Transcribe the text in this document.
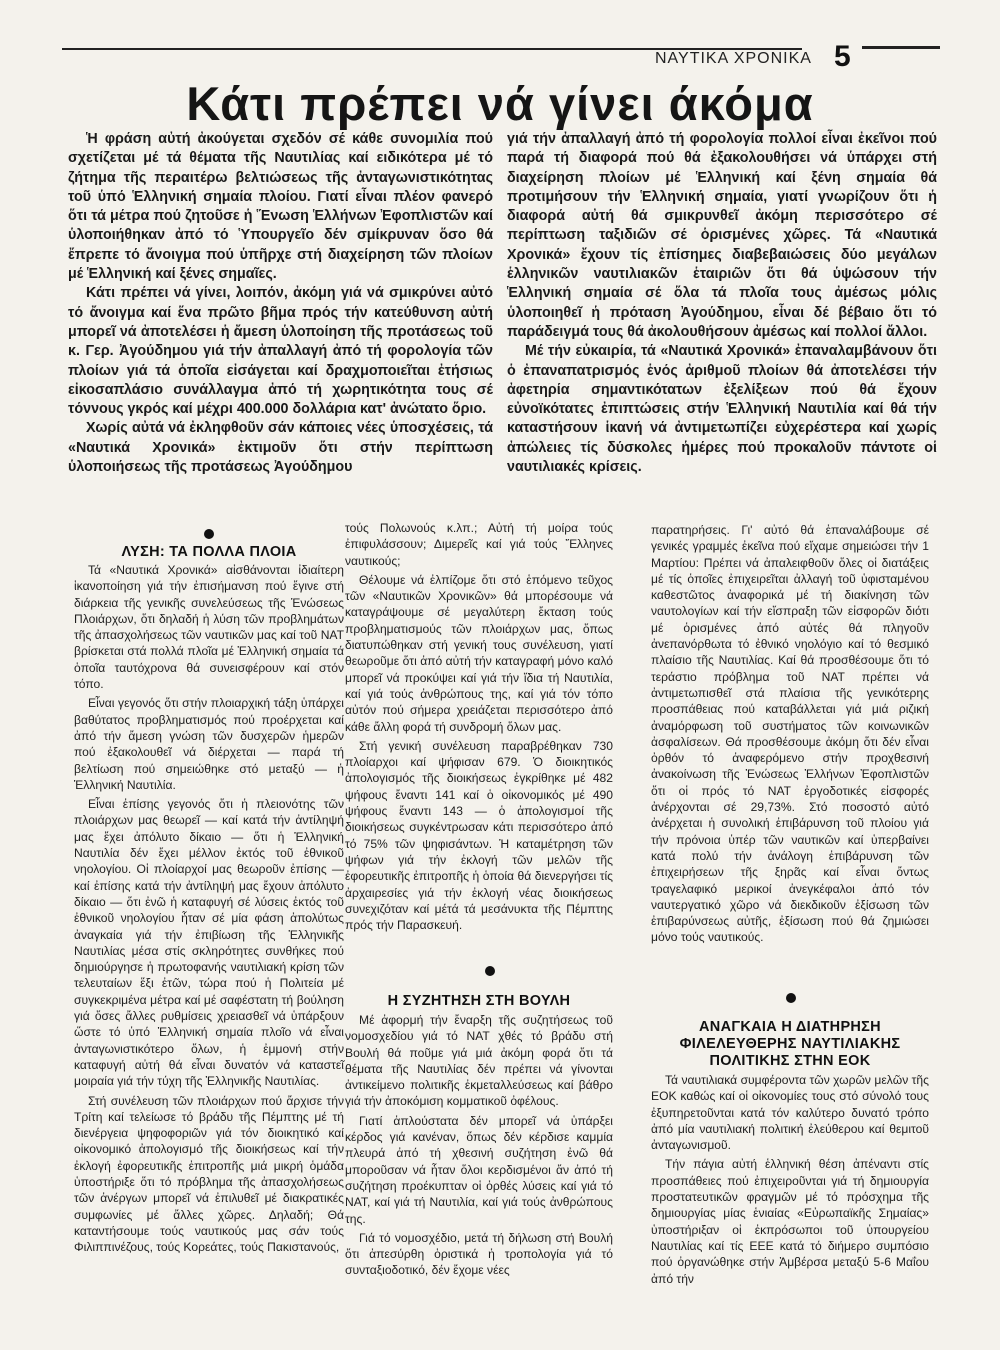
ΝΑΥΤΙΚΑ ΧΡΟΝΙΚΑ 5
Κάτι πρέπει νά γίνει άκόμα

Ἡ φράση αὐτή ἀκούγεται σχεδόν σέ κάθε συνομιλία πού σχετίζεται μέ τά θέματα τῆς Ναυτιλίας καί ειδικότερα μέ τό ζήτημα τῆς περαιτέρω βελτιώσεως τῆς ἀνταγωνιστικότητας τοῦ ὑπό Ἑλληνική σημαία πλοίου. Γιατί εἶναι πλέον φανερό ὅτι τά μέτρα πού ζητοῦσε ἡ Ἕνωση Ἑλλήνων Ἐφοπλιστῶν καί ὑλοποιήθηκαν ἀπό τό Ὑπουργεῖο δέν σμίκρυναν ὅσο θά ἔπρεπε τό ἄνοιγμα πού ὑπῆρχε στή διαχείρηση τῶν πλοίων μέ Ἑλληνική καί ξένες σημαῖες.

Κάτι πρέπει νά γίνει, λοιπόν, ἀκόμη γιά νά σμικρύνει αὐτό τό ἄνοιγμα καί ἕνα πρῶτο βῆμα πρός τήν κατεύθυνση αὐτή μπορεῖ νά ἀποτελέσει ἡ ἄμεση ὑλοποίηση τῆς προτάσεως τοῦ κ. Γερ. Ἀγούδημου γιά τήν ἀπαλλαγή ἀπό τή φορολογία τῶν πλοίων γιά τά ὁποῖα εἰσάγεται καί δραχμοποιεῖται ἐτήσιως εἰκοσαπλάσιο συνάλλαγμα ἀπό τή χωρητικότητα τους σέ τόννους γκρός καί μέχρι 400.000 δολλάρια κατ' ἀνώτατο ὅριο.

Χωρίς αὐτά νά ἐκληφθοῦν σάν κάποιες νέες ὑποσχέσεις, τά «Ναυτικά Χρονικά» ἐκτιμοῦν ὅτι στήν περίπτωση ὑλοποιήσεως τῆς προτάσεως Ἀγούδημου

γιά τήν ἀπαλλαγή ἀπό τή φορολογία πολλοί εἶναι ἐκεῖνοι πού παρά τή διαφορά πού θά ἐξακολουθήσει νά ὑπάρχει στή διαχείρηση πλοίων μέ Ἑλληνική καί ξένη σημαία θά προτιμήσουν τήν Ἑλληνική σημαία, γιατί γνωρίζουν ὅτι ἡ διαφορά αὐτή θά σμικρυνθεῖ ἀκόμη περισσότερο σέ περίπτωση ταξιδιῶν σέ ὁρισμένες χῶρες. Τά «Ναυτικά Χρονικά» ἔχουν τίς ἐπίσημες διαβεβαιώσεις δύο μεγάλων ἑλληνικῶν ναυτιλιακῶν ἑταιριῶν ὅτι θά ὑψώσουν τήν Ἑλληνική σημαία σέ ὅλα τά πλοῖα τους ἀμέσως μόλις ὑλοποιηθεῖ ἡ πρόταση Ἀγούδημου, εἶναι δέ βέβαιο ὅτι τό παράδειγμά τους θά ἀκολουθήσουν ἀμέσως καί πολλοί ἄλλοι.

Μέ τήν εὐκαιρία, τά «Ναυτικά Χρονικά» ἐπαναλαμβάνουν ὅτι ὁ ἐπαναπατρισμός ἑνός ἀριθμοῦ πλοίων θά ἀποτελέσει τήν ἀφετηρία σημαντικότατων ἐξελίξεων πού θά ἔχουν εὐνοϊκότατες ἐπιπτώσεις στήν Ἑλληνική Ναυτιλία καί θά τήν καταστήσουν ἱκανή νά ἀντιμετωπίζει εὐχερέστερα καί χωρίς ἀπώλειες τίς δύσκολες ἡμέρες πού προκαλοῦν πάντοτε οἱ ναυτιλιακές κρίσεις.

ΛΥΣΗ: ΤΑ ΠΟΛΛΑ ΠΛΟΙΑ

Τά «Ναυτικά Χρονικά» αἰσθάνονται ἰδιαίτερη ἱκανοποίηση γιά τήν ἐπισήμανση πού ἔγινε στή διάρκεια τῆς γενικῆς συνελεύσεως τῆς Ἑνώσεως Πλοιάρχων, ὅτι δηλαδή ἡ λύση τῶν προβλημάτων τῆς ἀπασχολήσεως τῶν ναυτικῶν μας καί τοῦ ΝΑΤ βρίσκεται στά πολλά πλοῖα μέ Ἑλληνική σημαία τά ὁποῖα ταυτόχρονα θά συνεισφέρουν καί στόν τόπο.

Εἶναι γεγονός ὅτι στήν πλοιαρχική τάξη ὑπάρχει βαθύτατος προβληματισμός πού προέρχεται καί ἀπό τήν ἄμεση γνώση τῶν δυσχερῶν ἡμερῶν πού ἐξακολουθεῖ νά διέρχεται — παρά τή βελτίωση πού σημειώθηκε στό μεταξύ — ἡ Ἑλληνική Ναυτιλία.

Εἶναι ἐπίσης γεγονός ὅτι ἡ πλειονότης τῶν πλοιάρχων μας θεωρεῖ — καί κατά τήν ἀντίληψή μας ἔχει ἀπόλυτο δίκαιο — ὅτι ἡ Ἑλληνική Ναυτιλία δέν ἔχει μέλλον ἐκτός τοῦ ἐθνικοῦ νηολογίου. Οἱ πλοίαρχοί μας θεωροῦν ἐπίσης — καί ἐπίσης κατά τήν ἀντίληψή μας ἔχουν ἀπόλυτο δίκαιο — ὅτι ἐνῶ ἡ καταφυγή σέ λύσεις ἐκτός τοῦ ἐθνικοῦ νηολογίου ἦταν σέ μία φάση ἀπολύτως ἀναγκαία γιά τήν ἐπιβίωση τῆς Ἑλληνικῆς Ναυτιλίας μέσα στίς σκληρότητες συνθήκες πού δημιούργησε ἡ πρωτοφανής ναυτιλιακή κρίση τῶν τελευταίων ἕξι ἐτῶν, τώρα πού ἡ Πολιτεία μέ συγκεκριμένα μέτρα καί μέ σαφέστατη τή βούληση γιά ὅσες ἄλλες ρυθμίσεις χρειασθεῖ νά ὑπάρξουν ὥστε τό ὑπό Ἑλληνική σημαία πλοῖο νά εἶναι ἀνταγωνιστικότερο ὅλων, ἡ ἐμμονή στήν καταφυγή αὐτή θά εἶναι δυνατόν νά καταστεῖ μοιραία γιά τήν τύχη τῆς Ἑλληνικῆς Ναυτιλίας.

Στή συνέλευση τῶν πλοιάρχων πού ἄρχισε τήν Τρίτη καί τελείωσε τό βράδυ τῆς Πέμπτης μέ τή διενέργεια ψηφοφοριῶν γιά τόν διοικητικό καί οἰκονομικό ἀπολογισμό τῆς διοικήσεως καί τήν ἐκλογή ἐφορευτικῆς ἐπιτροπῆς μιά μικρή ὁμάδα ὑποστήριξε ὅτι τό πρόβλημα τῆς ἀπασχολήσεως τῶν ἀνέργων μπορεῖ νά ἐπιλυθεῖ μέ διακρατικές συμφωνίες μέ ἄλλες χῶρες. Δηλαδή; Θά καταντήσουμε τούς ναυτικούς μας σάν τούς Φιλιππινέζους, τούς Κορεάτες, τούς Πακιστανούς,

τούς Πολωνούς κ.λπ.; Αὐτή τή μοίρα τούς ἐπιφυλάσσουν; Διμερεῖς καί γιά τούς Ἕλληνες ναυτικούς;

Θέλουμε νά ἐλπίζομε ὅτι στό ἑπόμενο τεῦχος τῶν «Ναυτικῶν Χρονικῶν» θά μπορέσουμε νά καταγράψουμε σέ μεγαλύτερη ἔκταση τούς προβληματισμούς τῶν πλοιάρχων μας, ὅπως διατυπώθηκαν στή γενική τους συνέλευση, γιατί θεωροῦμε ὅτι ἀπό αὐτή τήν καταγραφή μόνο καλό μπορεῖ νά προκύψει καί γιά τήν ἴδια τή Ναυτιλία, καί γιά τούς ἀνθρώπους της, καί γιά τόν τόπο αὐτόν πού σήμερα χρειάζεται περισσότερο ἀπό κάθε ἄλλη φορά τή συνδρομή ὅλων μας.

Στή γενική συνέλευση παραβρέθηκαν 730 πλοίαρχοι καί ψήφισαν 679. Ὁ διοικητικός ἀπολογισμός τῆς διοικήσεως ἐγκρίθηκε μέ 482 ψήφους ἔναντι 141 καί ὁ οἰκονομικός μέ 490 ψήφους ἔναντι 143 — ὁ ἀπολογισμοί τῆς διοικήσεως συγκέντρωσαν κάτι περισσότερο ἀπό τό 75% τῶν ψηφισάντων. Ἡ καταμέτρηση τῶν ψήφων γιά τήν ἐκλογή τῶν μελῶν τῆς ἐφορευτικῆς ἐπιτροπῆς ἡ ὁποία θά διενεργήσει τίς ἀρχαιρεσίες γιά τήν ἐκλογή νέας διοικήσεως συνεχιζόταν καί μέτά τά μεσάνυκτα τῆς Πέμπτης πρός τήν Παρασκευή.

Η ΣΥΖΗΤΗΣΗ ΣΤΗ ΒΟΥΛΗ

Μέ ἀφορμή τήν ἔναρξη τῆς συζητήσεως τοῦ νομοσχεδίου γιά τό ΝΑΤ χθές τό βράδυ στή Βουλή θά ποῦμε γιά μιά ἀκόμη φορά ὅτι τά θέματα τῆς Ναυτιλίας δέν πρέπει νά γίνονται ἀντικείμενο πολιτικῆς ἐκμεταλλεύσεως καί βάθρο γιά τήν ἀποκόμιση κομματικοῦ ὀφέλους.

Γιατί ἁπλούστατα δέν μπορεῖ νά ὑπάρξει κέρδος γιά κανέναν, ὅπως δέν κέρδισε καμμία πλευρά ἀπό τή χθεσινή συζήτηση ἐνῶ θά μποροῦσαν νά ἦταν ὅλοι κερδισμένοι ἄν ἀπό τή συζήτηση προέκυπταν οἱ ὀρθές λύσεις καί γιά τό ΝΑΤ, καί γιά τή Ναυτιλία, καί γιά τούς ἀνθρώπους της.

Γιά τό νομοσχέδιο, μετά τή δήλωση στή Βουλή ὅτι ἀπεσύρθη ὁριστικά ἡ τροπολογία γιά τό συνταξιοδοτικό, δέν ἔχομε νέες

παρατηρήσεις. Γι' αὐτό θά ἐπαναλάβουμε σέ γενικές γραμμές ἐκεῖνα πού εἴχαμε σημειώσει τήν 1 Μαρτίου: Πρέπει νά ἀπαλειφθοῦν ὅλες οἱ διατάξεις μέ τίς ὁποῖες ἐπιχειρεῖται ἀλλαγή τοῦ ὑφισταμένου καθεστῶτος ἀναφορικά μέ τή διακίνηση τῶν ναυτολογίων καί τήν εἴσπραξη τῶν εἰσφορῶν διότι μέ ὁρισμένες ἀπό αὐτές θά πληγοῦν ἀνεπανόρθωτα τό ἐθνικό νηολόγιο καί τό θεσμικό πλαίσιο τῆς Ναυτιλίας. Καί θά προσθέσουμε ὅτι τό τεράστιο πρόβλημα τοῦ ΝΑΤ πρέπει νά ἀντιμετωπισθεῖ στά πλαίσια τῆς γενικότερης προσπάθειας πού καταβάλλεται γιά μιά ριζική ἀναμόρφωση τοῦ συστήματος τῶν κοινωνικῶν ἀσφαλίσεων. Θά προσθέσουμε ἀκόμη ὅτι δέν εἶναι ὀρθόν τό ἀναφερόμενο στήν προχθεσινή ἀνακοίνωση τῆς Ἑνώσεως Ἑλλήνων Ἐφοπλιστῶν ὅτι οἱ πρός τό ΝΑΤ ἐργοδοτικές εἰσφορές ἀνέρχονται σέ 29,73%. Στό ποσοστό αὐτό ἀνέρχεται ἡ συνολική ἐπιβάρυνση τοῦ πλοίου γιά τήν πρόνοια ὑπέρ τῶν ναυτικῶν καί ὑπερβαίνει κατά πολύ τήν ἀνάλογη ἐπιβάρυνση τῶν ἐπιχειρήσεων τῆς ξηρᾶς καί εἶναι ὄντως τραγελαφικό μερικοί ἀνεγκέφαλοι ἀπό τόν ναυτεργατικό χῶρο νά διεκδικοῦν ἐξίσωση τῶν ἐπιβαρύνσεως αὐτῆς, ἐξίσωση πού θά ζημιώσει μόνο τούς ναυτικούς.

ΑΝΑΓΚΑΙΑ Η ΔΙΑΤΗΡΗΣΗ ΦΙΛΕΛΕΥΘΕΡΗΣ ΝΑΥΤΙΛΙΑΚΗΣ ΠΟΛΙΤΙΚΗΣ ΣΤΗΝ ΕΟΚ

Τά ναυτιλιακά συμφέροντα τῶν χωρῶν μελῶν τῆς ΕΟΚ καθώς καί οἱ οἰκονομίες τους στό σύνολό τους ἐξυπηρετοῦνται κατά τόν καλύτερο δυνατό τρόπο ἀπό μία ναυτιλιακή πολιτική ἐλεύθερου καί θεμιτοῦ ἀνταγωνισμοῦ.

Τήν πάγια αὐτή ἑλληνική θέση ἀπέναντι στίς προσπάθειες πού ἐπιχειροῦνται γιά τή δημιουργία προστατευτικῶν φραγμῶν μέ τό πρόσχημα τῆς δημιουργίας μίας ἑνιαίας «Εὐρωπαϊκῆς Σημαίας» ὑποστήριξαν οἱ ἐκπρόσωποι τοῦ ὑπουργείου Ναυτιλίας καί τίς ΕΕΕ κατά τό διήμερο συμπόσιο πού ὀργανώθηκε στήν Ἀμβέρσα μεταξύ 5-6 Μαΐου ἀπό τήν
